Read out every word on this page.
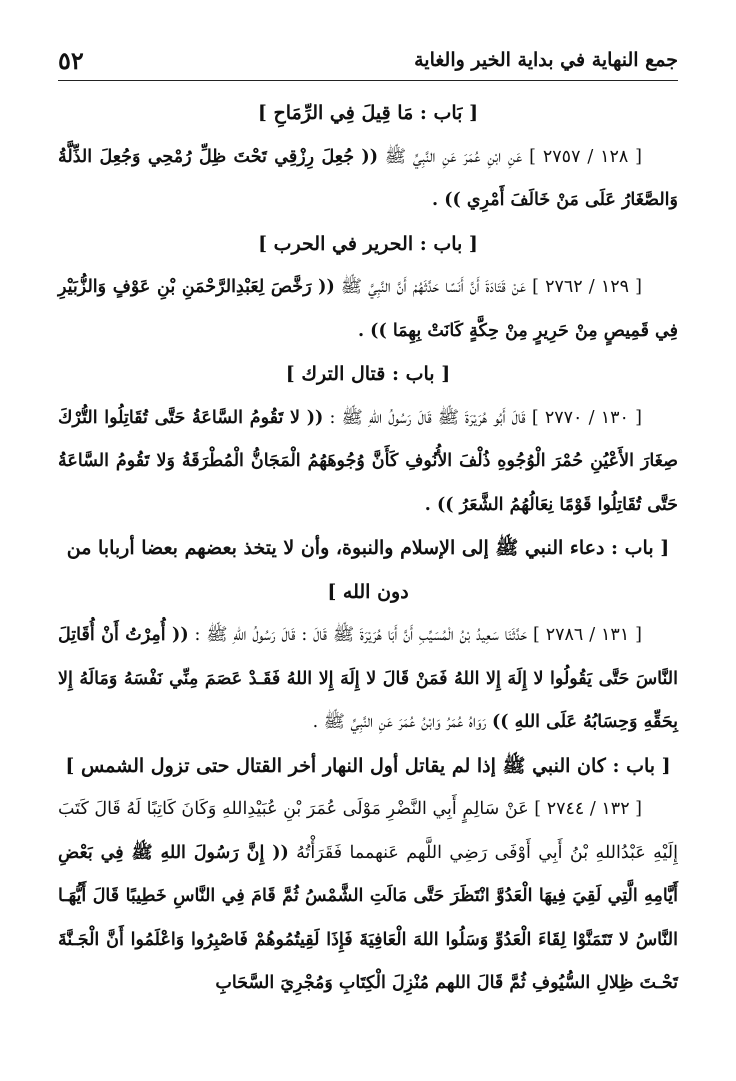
جمع النهاية في بداية الخير والغاية
٥٢

[ بَاب : مَا قِيلَ فِي الرِّمَاحِ ]

[ ١٢٨ / ٢٧٥٧ ] عَنِ ابْنِ عُمَرَ عَنِ النَّبِيِّ ﷺ (( جُعِلَ رِزْقِي تَحْتَ ظِلِّ رُمْحِي وَجُعِلَ الذِّلَّةُ وَالصَّغَارُ عَلَى مَنْ خَالَفَ أَمْرِي )) .

[ باب : الحرير في الحرب ]

[ ١٢٩ / ٢٧٦٢ ] عَنْ قَتَادَةَ أَنَّ أَنَسًا حَدَّثَهُمْ أَنَّ النَّبِيَّ ﷺ (( رَخَّصَ لِعَبْدِالرَّحْمَنِ بْنِ عَوْفٍ وَالزُّبَيْرِ فِي قَمِيصٍ مِنْ حَرِيرٍ مِنْ حِكَّةٍ كَانَتْ بِهِمَا )) .

[ باب : قتال الترك ]

[ ١٣٠ / ٢٧٧٠ ] قَالَ أَبُو هُرَيْرَةَ ﷺ قَالَ رَسُولُ اللهِ ﷺ : (( لا تَقُومُ السَّاعَةُ حَتَّى تُقَاتِلُوا التُّرْكَ صِغَارَ الأَعْيُنِ حُمْرَ الْوُجُوهِ ذُلْفَ الأُنُوفِ كَأَنَّ وُجُوهَهُمُ الْمَجَانُّ الْمُطْرَقَةُ وَلا تَقُومُ السَّاعَةُ حَتَّى تُقَاتِلُوا قَوْمًا نِعَالُهُمُ الشَّعَرُ )) .

[ باب : دعاء النبي ﷺ إلى الإسلام والنبوة، وأن لا يتخذ بعضهم بعضا أربابا من دون الله ]

[ ١٣١ / ٢٧٨٦ ] حَدَّثَنَا سَعِيدُ بْنُ الْمُسَيِّبِ أَنَّ أَبَا هُرَيْرَةَ ﷺ قَالَ : قَالَ رَسُولُ اللهِ ﷺ : (( أُمِرْتُ أَنْ أُقَاتِلَ النَّاسَ حَتَّى يَقُولُوا لا إِلَهَ إِلا اللهُ فَمَنْ قَالَ لا إِلَهَ إِلا اللهُ فَقَـدْ عَصَمَ مِنِّي نَفْسَهُ وَمَالَهُ إِلا بِحَقِّهِ وَحِسَابُهُ عَلَى اللهِ )) رَوَاهُ عُمَرُ وَابْنُ عُمَرَ عَنِ النَّبِيِّ ﷺ .

[ باب : كان النبي ﷺ إذا لم يقاتل أول النهار أخر القتال حتى تزول الشمس ]

[ ١٣٢ / ٢٧٤٤ ] عَنْ سَالِمٍ أَبِي النَّضْرِ مَوْلَى عُمَرَ بْنِ عُبَيْدِاللهِ وَكَانَ كَاتِبًا لَهُ قَالَ كَتَبَ إِلَيْهِ عَبْدُاللهِ بْنُ أَبِي أَوْفَى رَضِي اللَّهم عَنهمما فَقَرَأْتُهُ (( إِنَّ رَسُولَ اللهِ ﷺ فِي بَعْضِ أَيَّامِهِ الَّتِي لَقِيَ فِيهَا الْعَدُوَّ انْتَظَرَ حَتَّى مَالَتِ الشَّمْسُ ثُمَّ قَامَ فِي النَّاسِ خَطِيبًا قَالَ أَيُّهَـا النَّاسُ لا تَتَمَنَّوْا لِقَاءَ الْعَدُوِّ وَسَلُوا اللهَ الْعَافِيَةَ فَإِذَا لَقِيتُمُوهُمْ فَاصْبِرُوا وَاعْلَمُوا أَنَّ الْجَـنَّةَ تَحْـتَ ظِلالِ السُّيُوفِ ثُمَّ قَالَ اللهم مُنْزِلَ الْكِتَابِ وَمُجْرِيَ السَّحَابِ
